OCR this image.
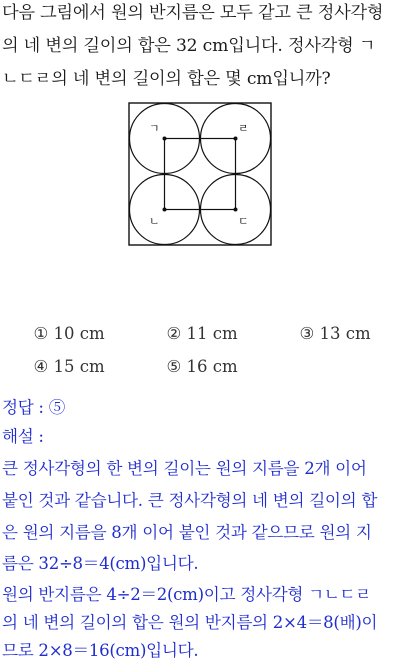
다음 그림에서 원의 반지름은 모두 같고 큰 정사각형
의 네 변의 길이의 합은 32 cm입니다. 정사각형 ㄱ
ㄴㄷㄹ의 네 변의 길이의 합은 몇 cm입니까?
ㄱ	ㄹ
ㄴ	ㄷ

① 10 cm
	② 11 cm
	③ 13 cm

④ 15 cm
	⑤ 16 cm

정답 : ⑤
해설 :
큰 정사각형의 한 변의 길이는 원의 지름을 2개 이어
붙인 것과 같습니다. 큰 정사각형의 네 변의 길이의 합
은 원의 지름을 8개 이어 붙인 것과 같으므로 원의 지
름은 32÷8＝4(cm)입니다.
원의 반지름은 4÷2＝2(cm)이고 정사각형 ㄱㄴㄷㄹ
의 네 변의 길이의 합은 원의 반지름의 2×4＝8(배)이
므로 2×8＝16(cm)입니다.
